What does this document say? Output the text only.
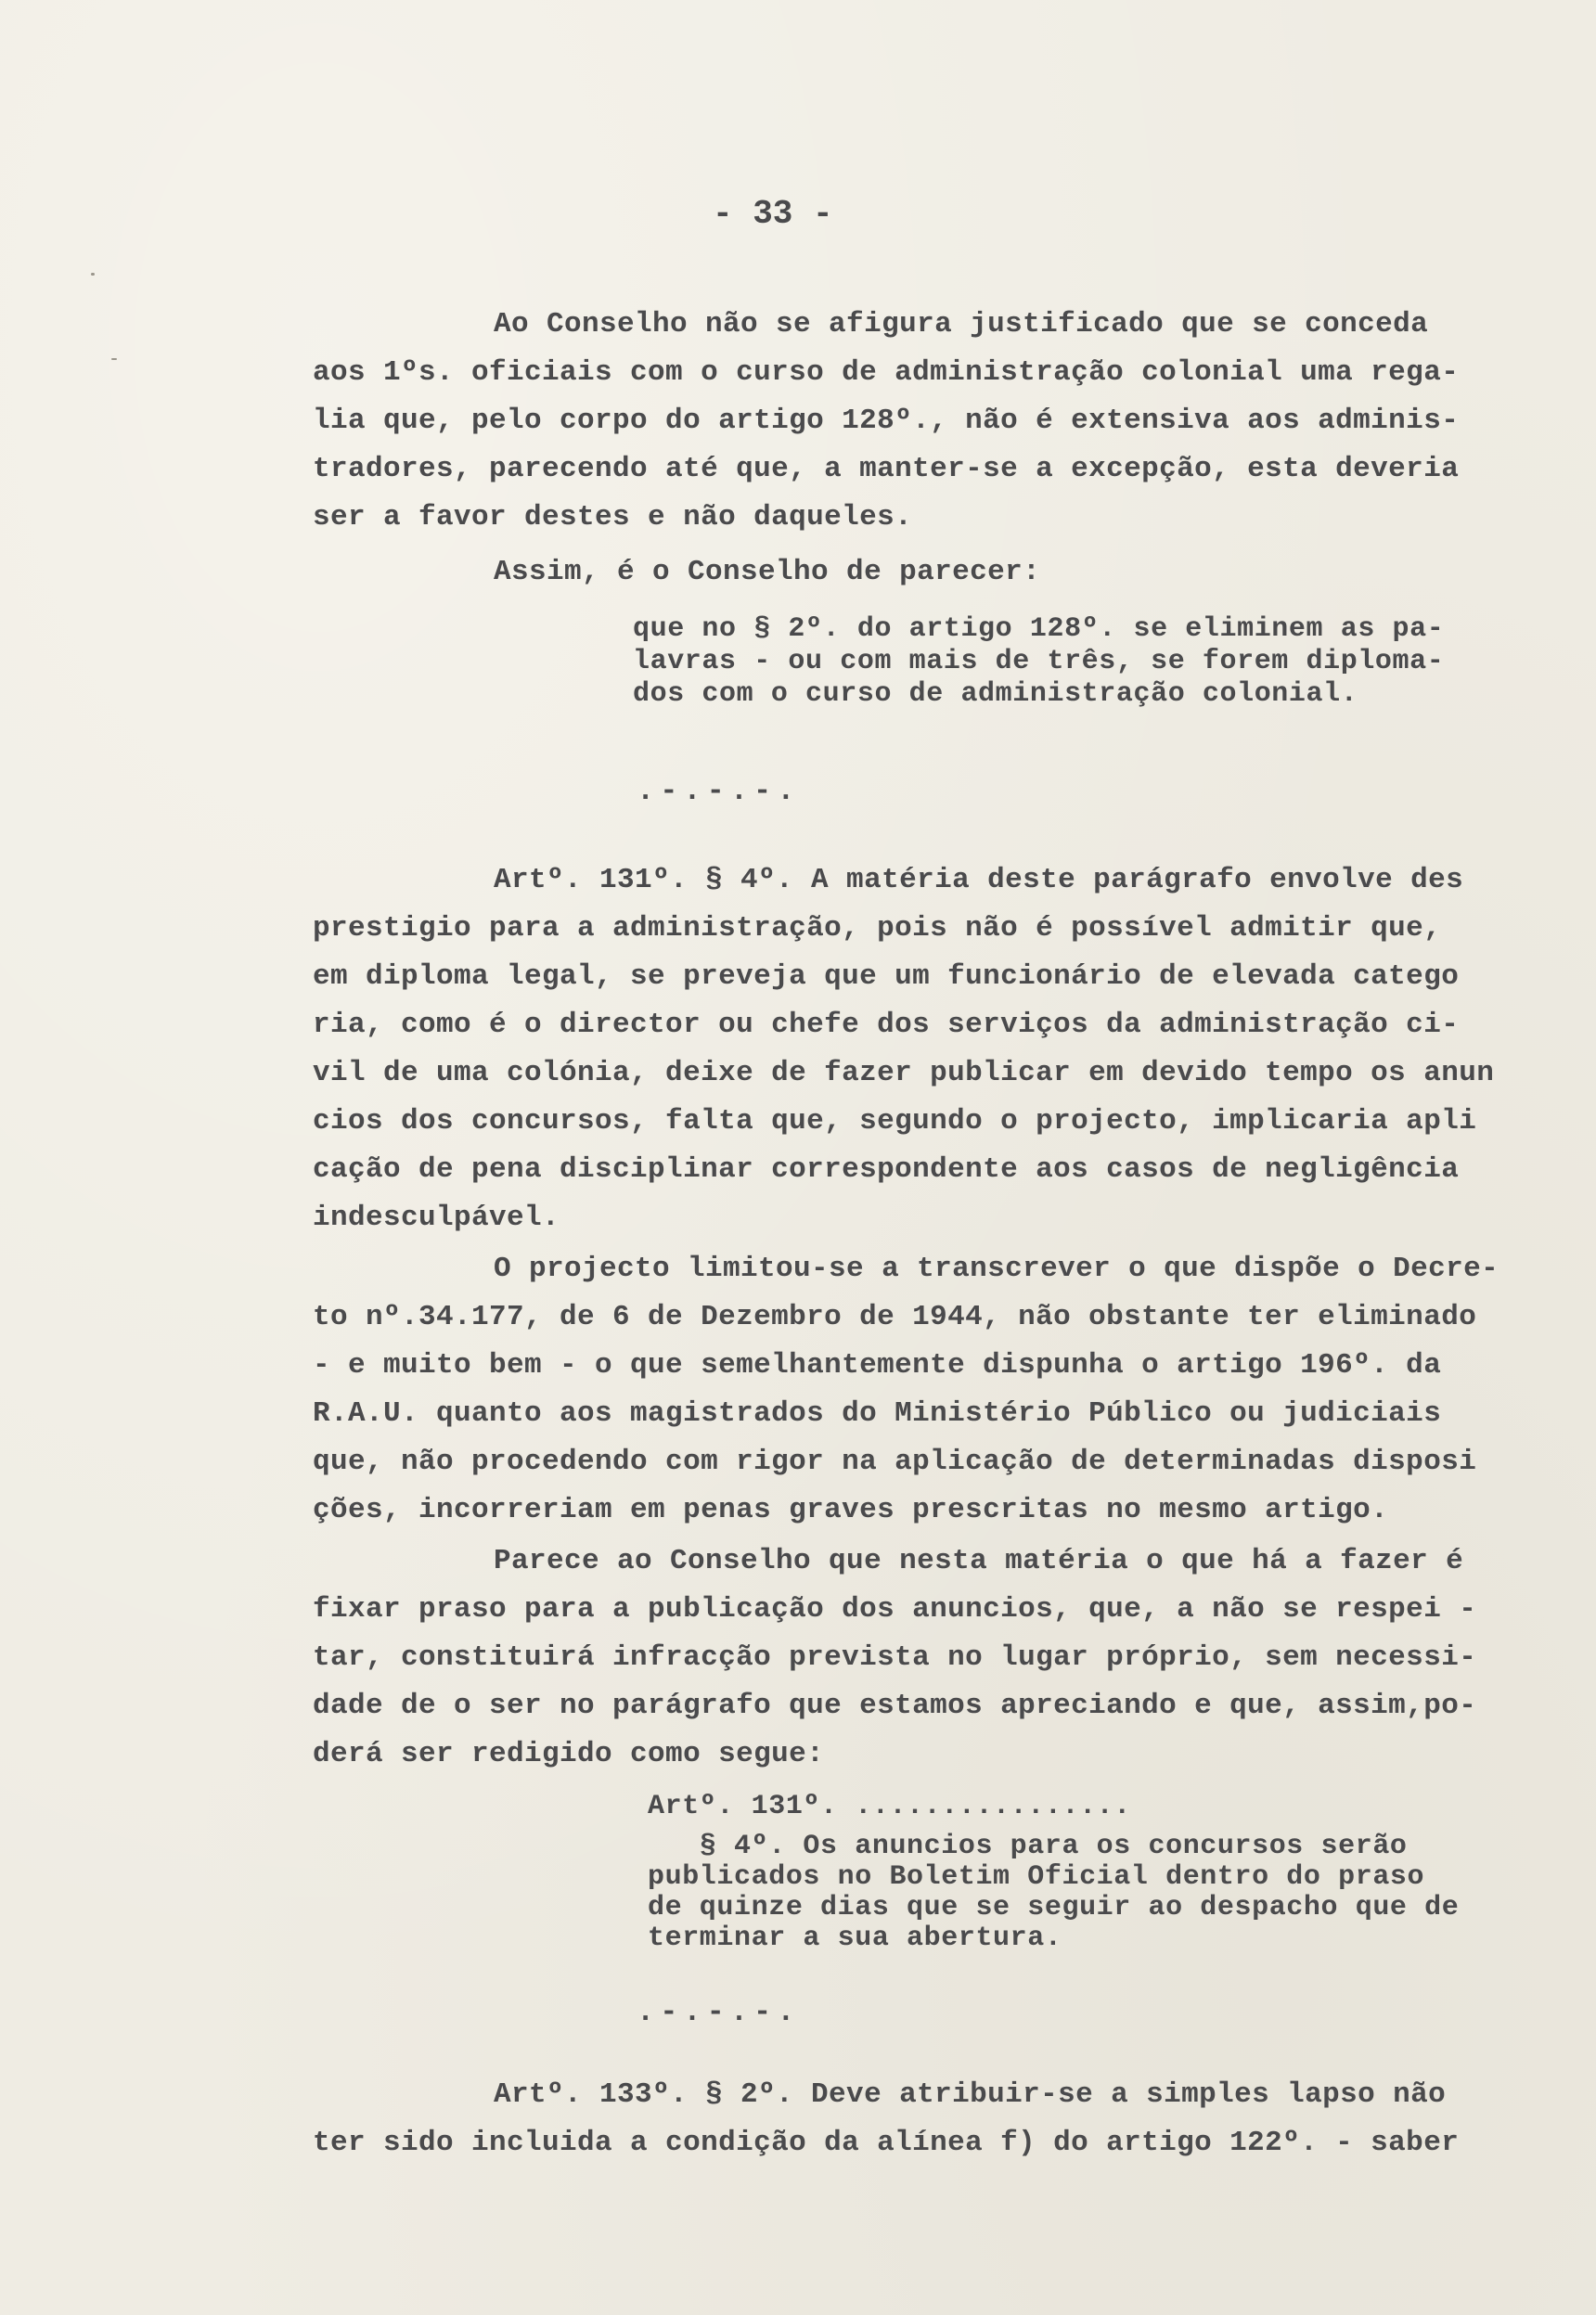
- 33 -
Ao Conselho não se afigura justificado que se conceda
aos 1ºs. oficiais com o curso de administração colonial uma rega-
lia que, pelo corpo do artigo 128º., não é extensiva aos adminis-
tradores, parecendo até que, a manter-se a excepção, esta deveria
ser a favor destes e não daqueles.
Assim, é o Conselho de parecer:
que no § 2º. do artigo 128º. se eliminem as pa-
lavras - ou com mais de três, se forem diploma-
dos com o curso de administração colonial.
.-.-.-.
Artº. 131º. § 4º. A matéria deste parágrafo envolve des
prestigio para a administração, pois não é possível admitir que,
em diploma legal, se preveja que um funcionário de elevada catego
ria, como é o director ou chefe dos serviços da administração ci-
vil de uma colónia, deixe de fazer publicar em devido tempo os anun
cios dos concursos, falta que, segundo o projecto, implicaria apli
cação de pena disciplinar correspondente aos casos de negligência
indesculpável.
O projecto limitou-se a transcrever o que dispõe o Decre-
to nº.34.177, de 6 de Dezembro de 1944, não obstante ter eliminado
- e muito bem - o que semelhantemente dispunha o artigo 196º. da
R.A.U. quanto aos magistrados do Ministério Público ou judiciais
que, não procedendo com rigor na aplicação de determinadas disposi
ções, incorreriam em penas graves prescritas no mesmo artigo.
Parece ao Conselho que nesta matéria o que há a fazer é
fixar praso para a publicação dos anuncios, que, a não se respei -
tar, constituirá infracção prevista no lugar próprio, sem necessi-
dade de o ser no parágrafo que estamos apreciando e que, assim,po-
derá ser redigido como segue:
Artº. 131º. ................
§ 4º. Os anuncios para os concursos serão
publicados no Boletim Oficial dentro do praso
de quinze dias que se seguir ao despacho que de
terminar a sua abertura.
.-.-.-.
Artº. 133º. § 2º. Deve atribuir-se a simples lapso não
ter sido incluida a condição da alínea f) do artigo 122º. - saber
